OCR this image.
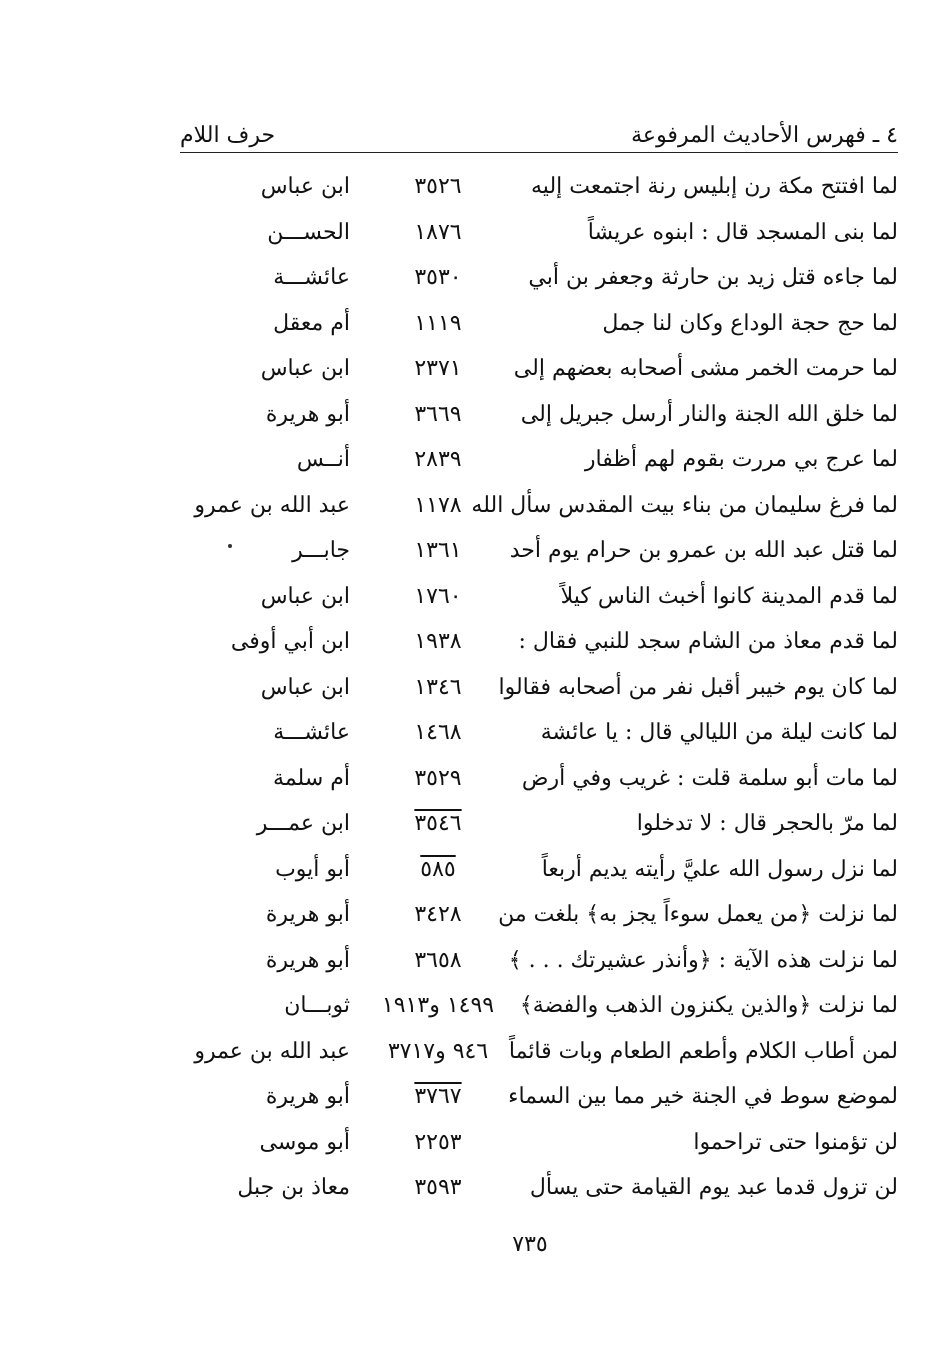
٤ ـ فهرس الأحاديث المرفوعة
حرف اللام
لما افتتح مكة رن إبليس رنة اجتمعت إليه
٣٥٢٦
ابن عباس
لما بنى المسجد قال : ابنوه عريشاً
١٨٧٦
الحســـن
لما جاءه قتل زيد بن حارثة وجعفر بن أبي
٣٥٣٠
عائشـــة
لما حج حجة الوداع وكان لنا جمل
١١١٩
أم معقل
لما حرمت الخمر مشى أصحابه بعضهم إلى
٢٣٧١
ابن عباس
لما خلق الله الجنة والنار أرسل جبريل إلى
٣٦٦٩
أبو هريرة
لما عرج بي مررت بقوم لهم أظفار
٢٨٣٩
أنــس
لما فرغ سليمان من بناء بيت المقدس سأل الله
١١٧٨
عبد الله بن عمرو
لما قتل عبد الله بن عمرو بن حرام يوم أحد
١٣٦١
جابـــر
لما قدم المدينة كانوا أخبث الناس كيلاً
١٧٦٠
ابن عباس
لما قدم معاذ من الشام سجد للنبي فقال :
١٩٣٨
ابن أبي أوفى
لما كان يوم خيبر أقبل نفر من أصحابه فقالوا
١٣٤٦
ابن عباس
لما كانت ليلة من الليالي قال : يا عائشة
١٤٦٨
عائشـــة
لما مات أبو سلمة قلت : غريب وفي أرض
٣٥٢٩
أم سلمة
لما مرّ بالحجر قال : لا تدخلوا
٣٥٤٦
ابن عمـــر
لما نزل رسول الله عليَّ رأيته يديم أربعاً
٥٨٥
أبو أيوب
لما نزلت ﴿من يعمل سوءاً يجز به﴾ بلغت من
٣٤٢٨
أبو هريرة
لما نزلت هذه الآية : ﴿وأنذر عشيرتك . . . ﴾
٣٦٥٨
أبو هريرة
لما نزلت ﴿والذين يكنزون الذهب والفضة﴾
١٤٩٩ و١٩١٣
ثوبـــان
لمن أطاب الكلام وأطعم الطعام وبات قائماً
٩٤٦ و٣٧١٧
عبد الله بن عمرو
لموضع سوط في الجنة خير مما بين السماء
٣٧٦٧
أبو هريرة
لن تؤمنوا حتى تراحموا
٢٢٥٣
أبو موسى
لن تزول قدما عبد يوم القيامة حتى يسأل
٣٥٩٣
معاذ بن جبل
٧٣٥
